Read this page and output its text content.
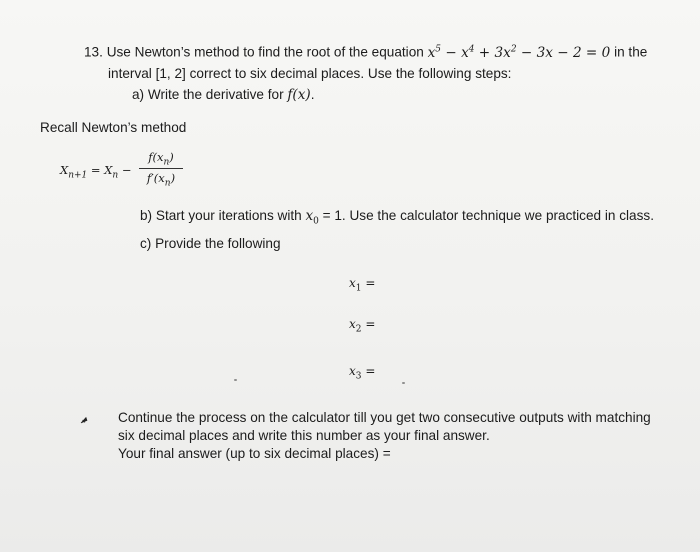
13. Use Newton’s method to find the root of the equation $x^5 - x^4 + 3x^2 - 3x - 2 = 0$ in the
interval [1, 2] correct to six decimal places. Use the following steps:
a) Write the derivative for f(x).
Recall Newton’s method
$X_{n+1} = X_n$ −
$f(x_n)$
$f'(x_n)$
b) Start your iterations with $x_0 = 1$. Use the calculator technique we practiced in class.
c) Provide the following
$x_1$ =
$x_2$ =
$x_3$ =
Continue the process on the calculator till you get two consecutive outputs with matching
six decimal places and write this number as your final answer.
Your final answer (up to six decimal places) =
